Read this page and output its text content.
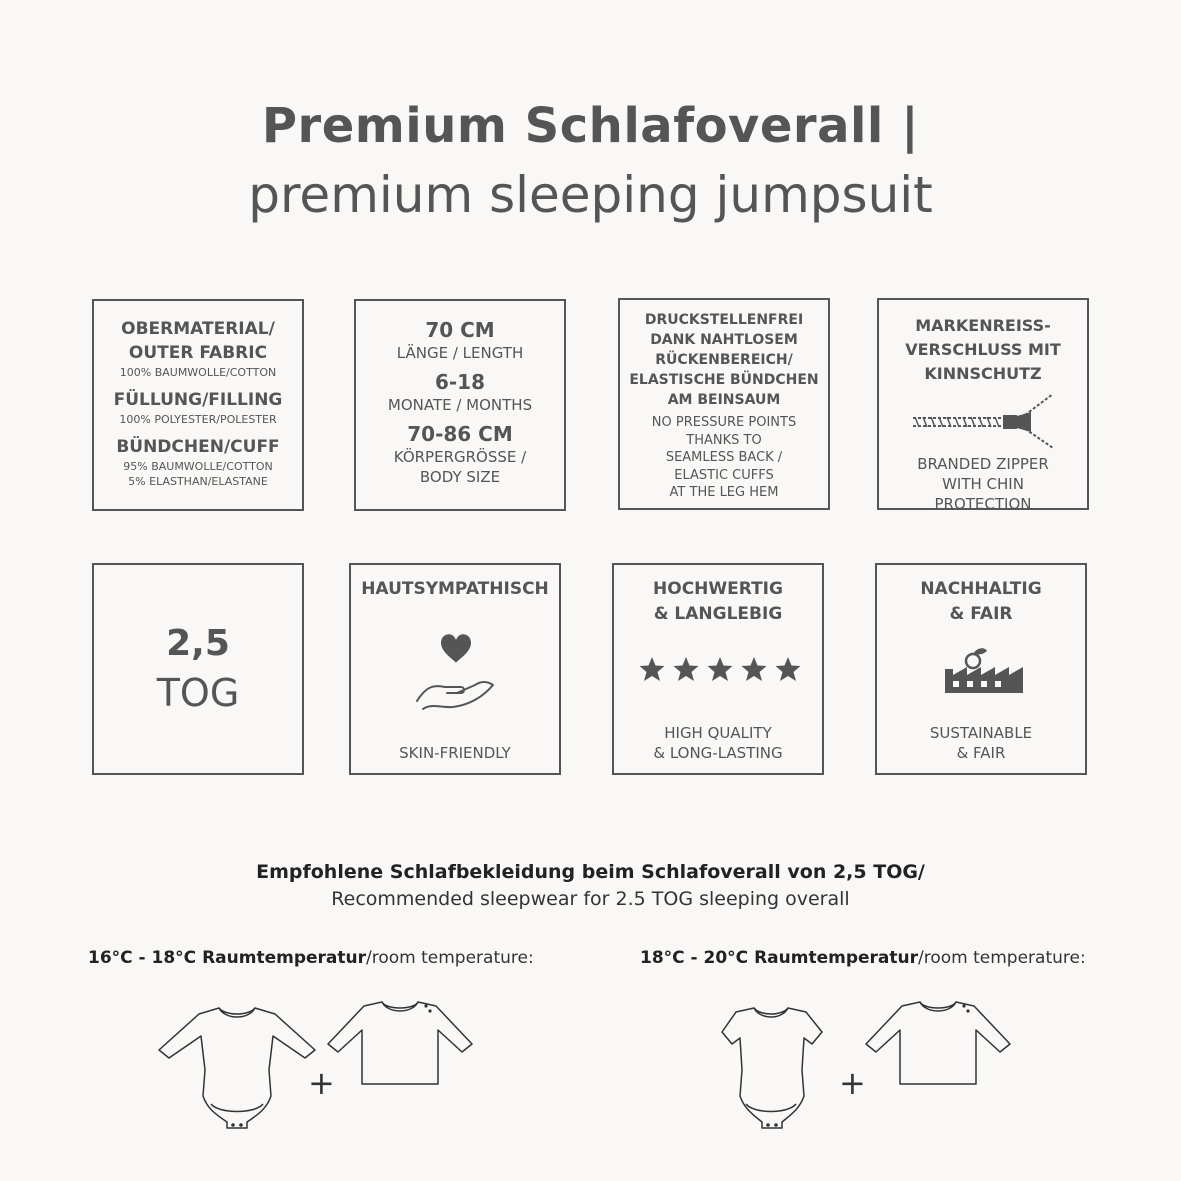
Premium Schlafoverall |
premium sleeping jumpsuit
OBERMATERIAL/
OUTER FABRIC
100% BAUMWOLLE/COTTON
FÜLLUNG/FILLING
100% POLYESTER/POLESTER
BÜNDCHEN/CUFF
95% BAUMWOLLE/COTTON
5% ELASTHAN/ELASTANE
70 CM
LÄNGE / LENGTH
6-18
MONATE / MONTHS
70-86 CM
KÖRPERGRÖSSE /
BODY SIZE
DRUCKSTELLENFREI
DANK NAHTLOSEM
RÜCKENBEREICH/
ELASTISCHE BÜNDCHEN
AM BEINSAUM
NO PRESSURE POINTS
THANKS TO
SEAMLESS BACK /
ELASTIC CUFFS
AT THE LEG HEM
MARKENREISS-
VERSCHLUSS MIT
KINNSCHUTZ
BRANDED ZIPPER
WITH CHIN
PROTECTION
2,5
TOG
HAUTSYMPATHISCH
SKIN-FRIENDLY
HOCHWERTIG
& LANGLEBIG
HIGH QUALITY
& LONG-LASTING
NACHHALTIG
& FAIR
SUSTAINABLE
& FAIR
Empfohlene Schlafbekleidung beim Schlafoverall von 2,5 TOG/
Recommended sleepwear for 2.5 TOG sleeping overall
16°C - 18°C Raumtemperatur/room temperature:	18°C - 20°C Raumtemperatur/room temperature:
+	+
